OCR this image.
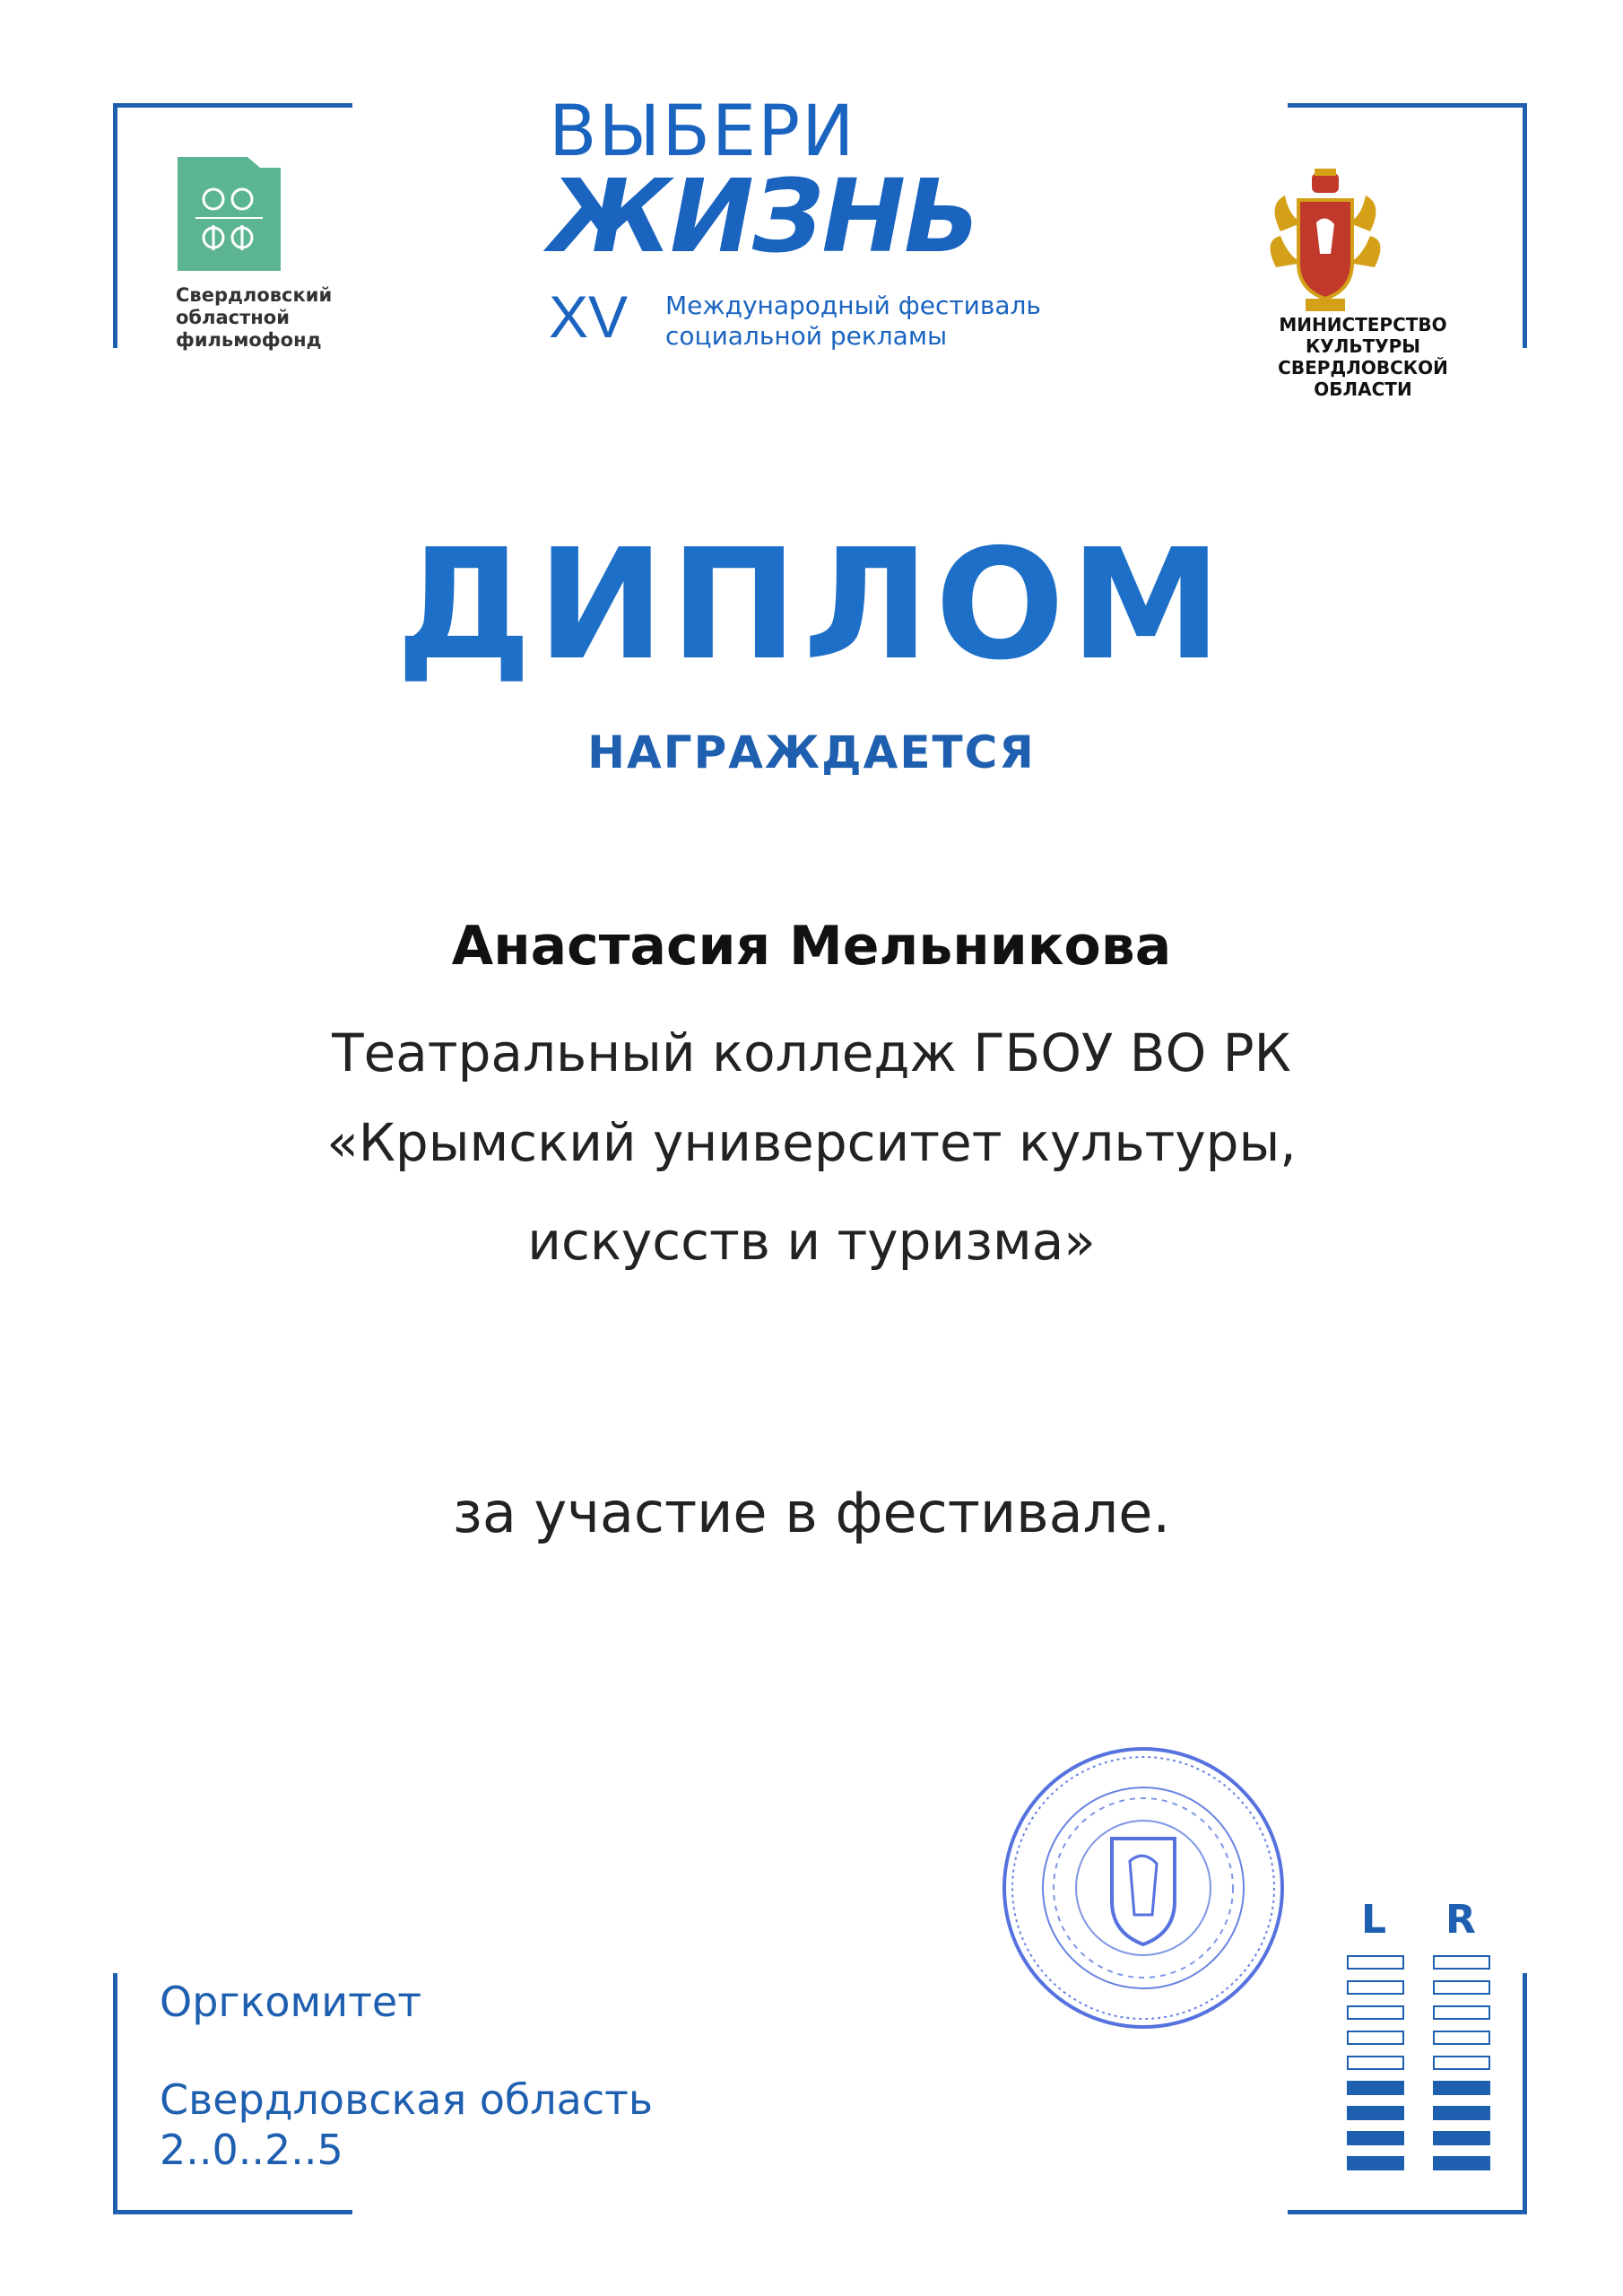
Свердловский
областной
фильмофонд
ВЫБЕРИ
ЖИЗНЬ
XV Международный фестиваль
социальной рекламы	МИНИСТЕРСТВО КУЛЬТУРЫ
СВЕРДЛОВСКОЙ ОБЛАСТИ
ДИПЛОМ
НАГРАЖДАЕТСЯ
Анастасия Мельникова
Театральный колледж ГБОУ ВО РК
«Крымский университет культуры,
искусств и туризма»
за участие в фестивале.
Оргкомитет
Свердловская область
2..0..2..5
L R
